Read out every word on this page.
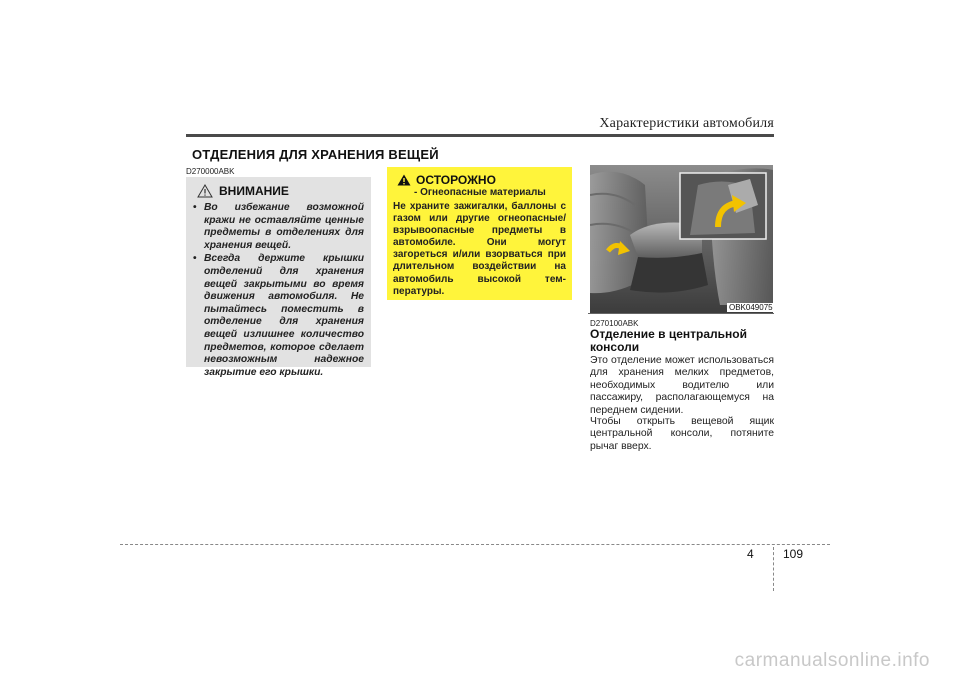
Характеристики автомобиля
ОТДЕЛЕНИЯ ДЛЯ ХРАНЕНИЯ ВЕЩЕЙ
D270000ABK
ВНИМАНИЕ
• Во избежание возможной кражи не оставляйте ценные предметы в отделениях для хранения вещей.
• Всегда держите крышки отделений для хранения вещей закрытыми во время движения автомобиля. Не пытайтесь поместить в отделение для хранения вещей излишнее количество предметов, которое сделает невозможным надежное закрытие его крышки.
ОСТОРОЖНО
- Огнеопасные материалы
Не храните зажигалки, баллоны с газом или другие огнеопасные/ взрывоопасные предметы в автомобиле. Они могут загореться и/или взорваться при длительном воздействии на автомобиль высокой тем- пературы.
OBK049075
D270100ABK
Отделение в центральной консоли
Это отделение может использоваться для хранения мелких предметов, необходимых водителю или пассажиру, располагающемуся на переднем сидении.
Чтобы открыть вещевой ящик центральной консоли, потяните рычаг вверх.
4 109
carmanualsonline.info
